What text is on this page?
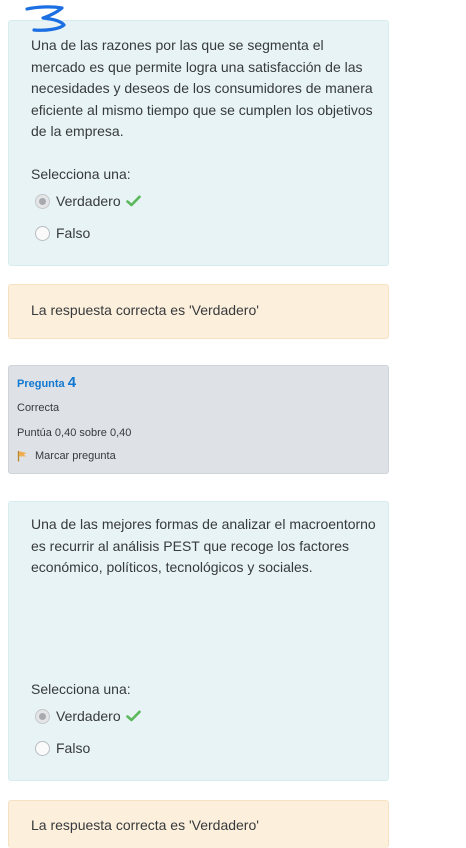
Una de las razones por las que se segmenta el mercado es que permite logra una satisfacción de las necesidades y deseos de los consumidores de manera eficiente al mismo tiempo que se cumplen los objetivos de la empresa.
Selecciona una:
Verdadero
Falso
La respuesta correcta es 'Verdadero'
Pregunta 4
Correcta
Puntúa 0,40 sobre 0,40
Marcar pregunta
Una de las mejores formas de analizar el macroentorno es recurrir al análisis PEST que recoge los factores económico, políticos, tecnológicos y sociales.
Selecciona una:
Verdadero
Falso
La respuesta correcta es 'Verdadero'
